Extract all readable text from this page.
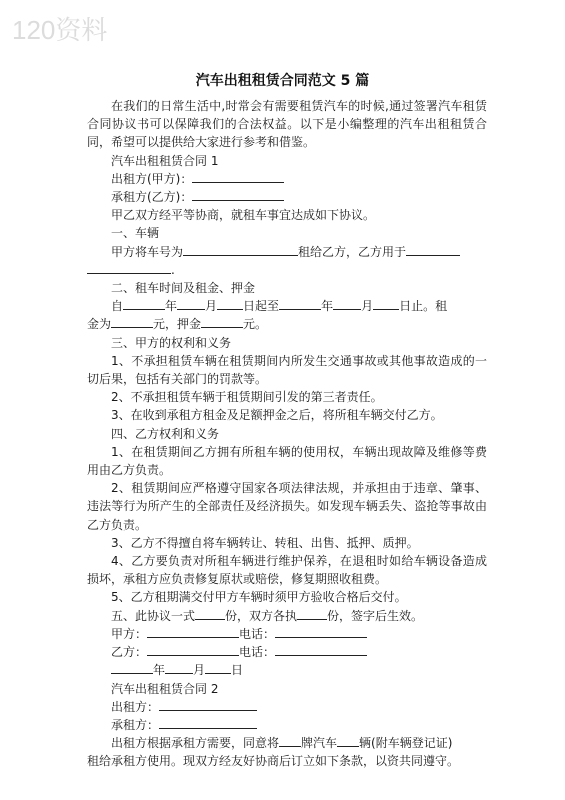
120资料
汽车出租租赁合同范文 5 篇

在我们的日常生活中,时常会有需要租赁汽车的时候,通过签署汽车租赁合同协议书可以保障我们的合法权益。以下是小编整理的汽车出租租赁合同，希望可以提供给大家进行参考和借鉴。

汽车出租租赁合同 1

出租方(甲方)：

承租方(乙方)：

甲乙双方经平等协商，就租车事宜达成如下协议。

一、车辆

甲方将车号为	租给乙方，乙方用于

.

二、租车时间及租金、押金

自	年 月 日起至	年 月 日止。租

金为	元，押金	元。

三、甲方的权利和义务

1、不承担租赁车辆在租赁期间内所发生交通事故或其他事故造成的一切后果，包括有关部门的罚款等。

2、不承担租赁车辆于租赁期间引发的第三者责任。

3、在收到承租方租金及足额押金之后，将所租车辆交付乙方。

四、乙方权利和义务

1、在租赁期间乙方拥有所租车辆的使用权，车辆出现故障及维修等费用由乙方负责。

2、租赁期间应严格遵守国家各项法律法规，并承担由于违章、肇事、违法等行为所产生的全部责任及经济损失。如发现车辆丢失、盗抢等事故由乙方负责。

3、乙方不得擅自将车辆转让、转租、出售、抵押、质押。

4、乙方要负责对所租车辆进行维护保养，在退租时如给车辆设备造成损坏，承租方应负责修复原状或赔偿，修复期照收租费。

5、乙方租期满交付甲方车辆时须甲方验收合格后交付。

五、此协议一式	份，双方各执	份，签字后生效。

甲方：	电话：

乙方：	电话：

年 月 日

汽车出租租赁合同 2

出租方：

承租方：

出租方根据承租方需要，同意将 牌汽车 辆(附车辆登记证)

租给承租方使用。现双方经友好协商后订立如下条款，以资共同遵守。
